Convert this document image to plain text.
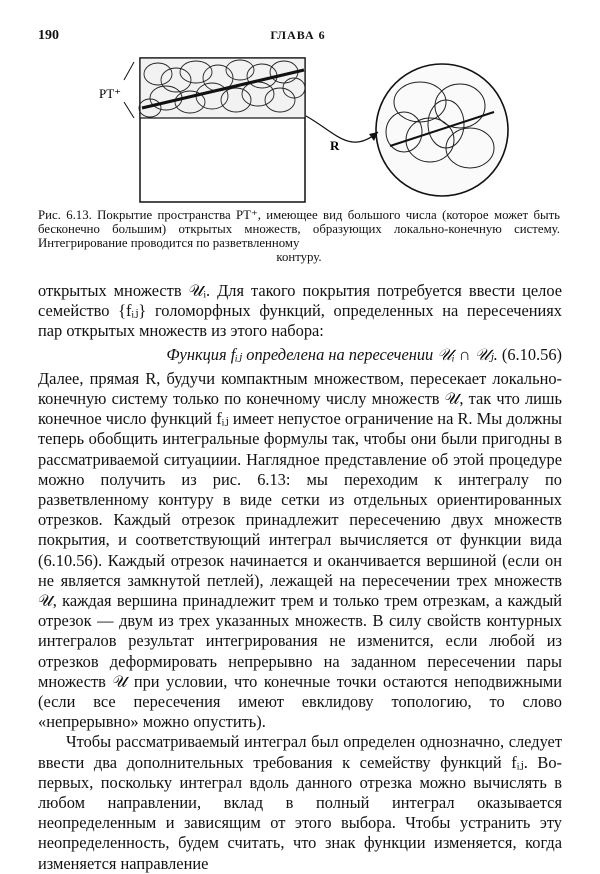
190	ГЛАВА 6
PT⁺
R
Рис. 6.13. Покрытие пространства PT⁺, имеющее вид большого числа (которое может быть бесконечно большим) открытых множеств, образующих локально-конечную систему. Интегрирование проводится по разветвленному
контуру.

открытых множеств 𝒰ᵢ. Для такого покрытия потребуется ввести целое семейство {fᵢⱼ} голоморфных функций, определенных на пересечениях пар открытых множеств из этого набора:

Функция fᵢⱼ определена на пересечении 𝒰ᵢ ∩ 𝒰ⱼ. (6.10.56)

Далее, прямая R, будучи компактным множеством, пересекает локально-конечную систему только по конечному числу множеств 𝒰, так что лишь конечное число функций fᵢⱼ имеет непустое ограничение на R. Мы должны теперь обобщить интегральные формулы так, чтобы они были пригодны в рассматриваемой ситуациии. Наглядное представление об этой процедуре можно получить из рис. 6.13: мы переходим к интегралу по разветвленному контуру в виде сетки из отдельных ориентированных отрезков. Каждый отрезок принадлежит пересечению двух множеств покрытия, и соответствующий интеграл вычисляется от функции вида (6.10.56). Каждый отрезок начинается и оканчивается вершиной (если он не является замкнутой петлей), лежащей на пересечении трех множеств 𝒰, каждая вершина принадлежит трем и только трем отрезкам, а каждый отрезок — двум из трех указанных множеств. В силу свойств контурных интегралов результат интегрирования не изменится, если любой из отрезков деформировать непрерывно на заданном пересечении пары множеств 𝒰 при условии, что конечные точки остаются неподвижными (если все пересечения имеют евклидову топологию, то слово «непрерывно» можно опустить).

Чтобы рассматриваемый интеграл был определен однозначно, следует ввести два дополнительных требования к семейству функций fᵢⱼ. Во-первых, поскольку интеграл вдоль данного отрезка можно вычислять в любом направлении, вклад в полный интеграл оказывается неопределенным и зависящим от этого выбора. Чтобы устранить эту неопределенность, будем считать, что знак функции изменяется, когда изменяется направление
